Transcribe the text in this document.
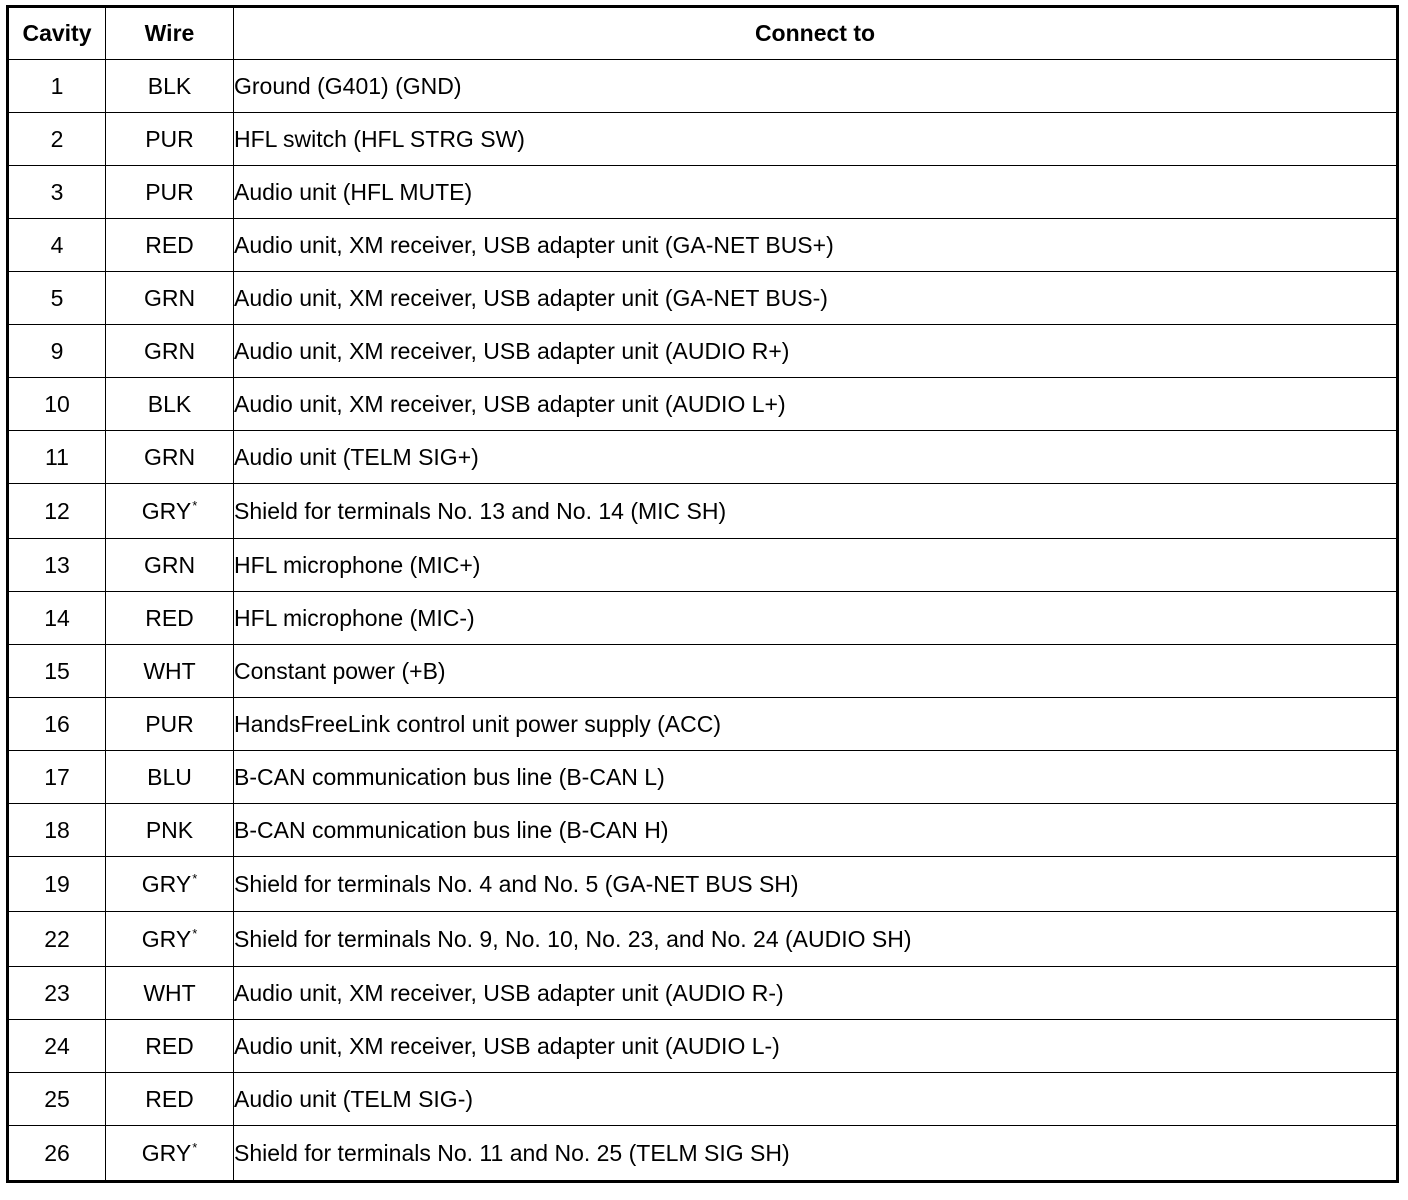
Cavity	Wire	Connect to
1	BLK	Ground (G401) (GND)
2	PUR	HFL switch (HFL STRG SW)
3	PUR	Audio unit (HFL MUTE)
4	RED	Audio unit, XM receiver, USB adapter unit (GA-NET BUS+)
5	GRN	Audio unit, XM receiver, USB adapter unit (GA-NET BUS-)
9	GRN	Audio unit, XM receiver, USB adapter unit (AUDIO R+)
10	BLK	Audio unit, XM receiver, USB adapter unit (AUDIO L+)
11	GRN	Audio unit (TELM SIG+)
12	GRY*	Shield for terminals No. 13 and No. 14 (MIC SH)
13	GRN	HFL microphone (MIC+)
14	RED	HFL microphone (MIC-)
15	WHT	Constant power (+B)
16	PUR	HandsFreeLink control unit power supply (ACC)
17	BLU	B-CAN communication bus line (B-CAN L)
18	PNK	B-CAN communication bus line (B-CAN H)
19	GRY*	Shield for terminals No. 4 and No. 5 (GA-NET BUS SH)
22	GRY*	Shield for terminals No. 9, No. 10, No. 23, and No. 24 (AUDIO SH)
23	WHT	Audio unit, XM receiver, USB adapter unit (AUDIO R-)
24	RED	Audio unit, XM receiver, USB adapter unit (AUDIO L-)
25	RED	Audio unit (TELM SIG-)
26	GRY*	Shield for terminals No. 11 and No. 25 (TELM SIG SH)
